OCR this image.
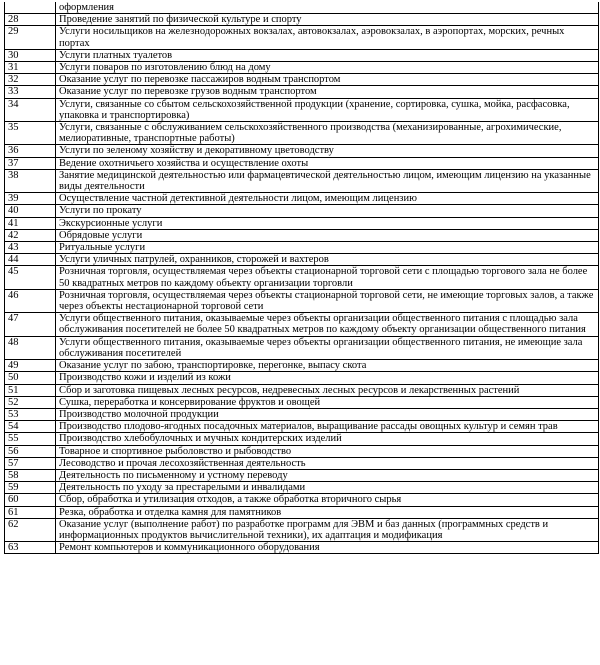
	оформления
28	Проведение занятий по физической культуре и спорту
29	Услуги носильщиков на железнодорожных вокзалах, автовокзалах, аэровокзалах, в аэропортах, морских, речных портах
30	Услуги платных туалетов
31	Услуги поваров по изготовлению блюд на дому
32	Оказание услуг по перевозке пассажиров водным транспортом
33	Оказание услуг по перевозке грузов водным транспортом
34	Услуги, связанные со сбытом сельскохозяйственной продукции (хранение, сортировка, сушка, мойка, расфасовка, упаковка и транспортировка)
35	Услуги, связанные с обслуживанием сельскохозяйственного производства (механизированные, агрохимические, мелиоративные, транспортные работы)
36	Услуги по зеленому хозяйству и декоративному цветоводству
37	Ведение охотничьего хозяйства и осуществление охоты
38	Занятие медицинской деятельностью или фармацевтической деятельностью лицом, имеющим лицензию на указанные виды деятельности
39	Осуществление частной детективной деятельности лицом, имеющим лицензию
40	Услуги по прокату
41	Экскурсионные услуги
42	Обрядовые услуги
43	Ритуальные услуги
44	Услуги уличных патрулей, охранников, сторожей и вахтеров
45	Розничная торговля, осуществляемая через объекты стационарной торговой сети с площадью торгового зала не более 50 квадратных метров по каждому объекту организации торговли
46	Розничная торговля, осуществляемая через объекты стационарной торговой сети, не имеющие торговых залов, а также через объекты нестационарной торговой сети
47	Услуги общественного питания, оказываемые через объекты организации общественного питания с площадью зала обслуживания посетителей не более 50 квадратных метров по каждому объекту организации общественного питания
48	Услуги общественного питания, оказываемые через объекты организации общественного питания, не имеющие зала обслуживания посетителей
49	Оказание услуг по забою, транспортировке, перегонке, выпасу скота
50	Производство кожи и изделий из кожи
51	Сбор и заготовка пищевых лесных ресурсов, недревесных лесных ресурсов и лекарственных растений
52	Сушка, переработка и консервирование фруктов и овощей
53	Производство молочной продукции
54	Производство плодово-ягодных посадочных материалов, выращивание рассады овощных культур и семян трав
55	Производство хлебобулочных и мучных кондитерских изделий
56	Товарное и спортивное рыболовство и рыбоводство
57	Лесоводство и прочая лесохозяйственная деятельность
58	Деятельность по письменному и устному переводу
59	Деятельность по уходу за престарелыми и инвалидами
60	Сбор, обработка и утилизация отходов, а также обработка вторичного сырья
61	Резка, обработка и отделка камня для памятников
62	Оказание услуг (выполнение работ) по разработке программ для ЭВМ и баз данных (программных средств и информационных продуктов вычислительной техники), их адаптация и модификация
63	Ремонт компьютеров и коммуникационного оборудования
